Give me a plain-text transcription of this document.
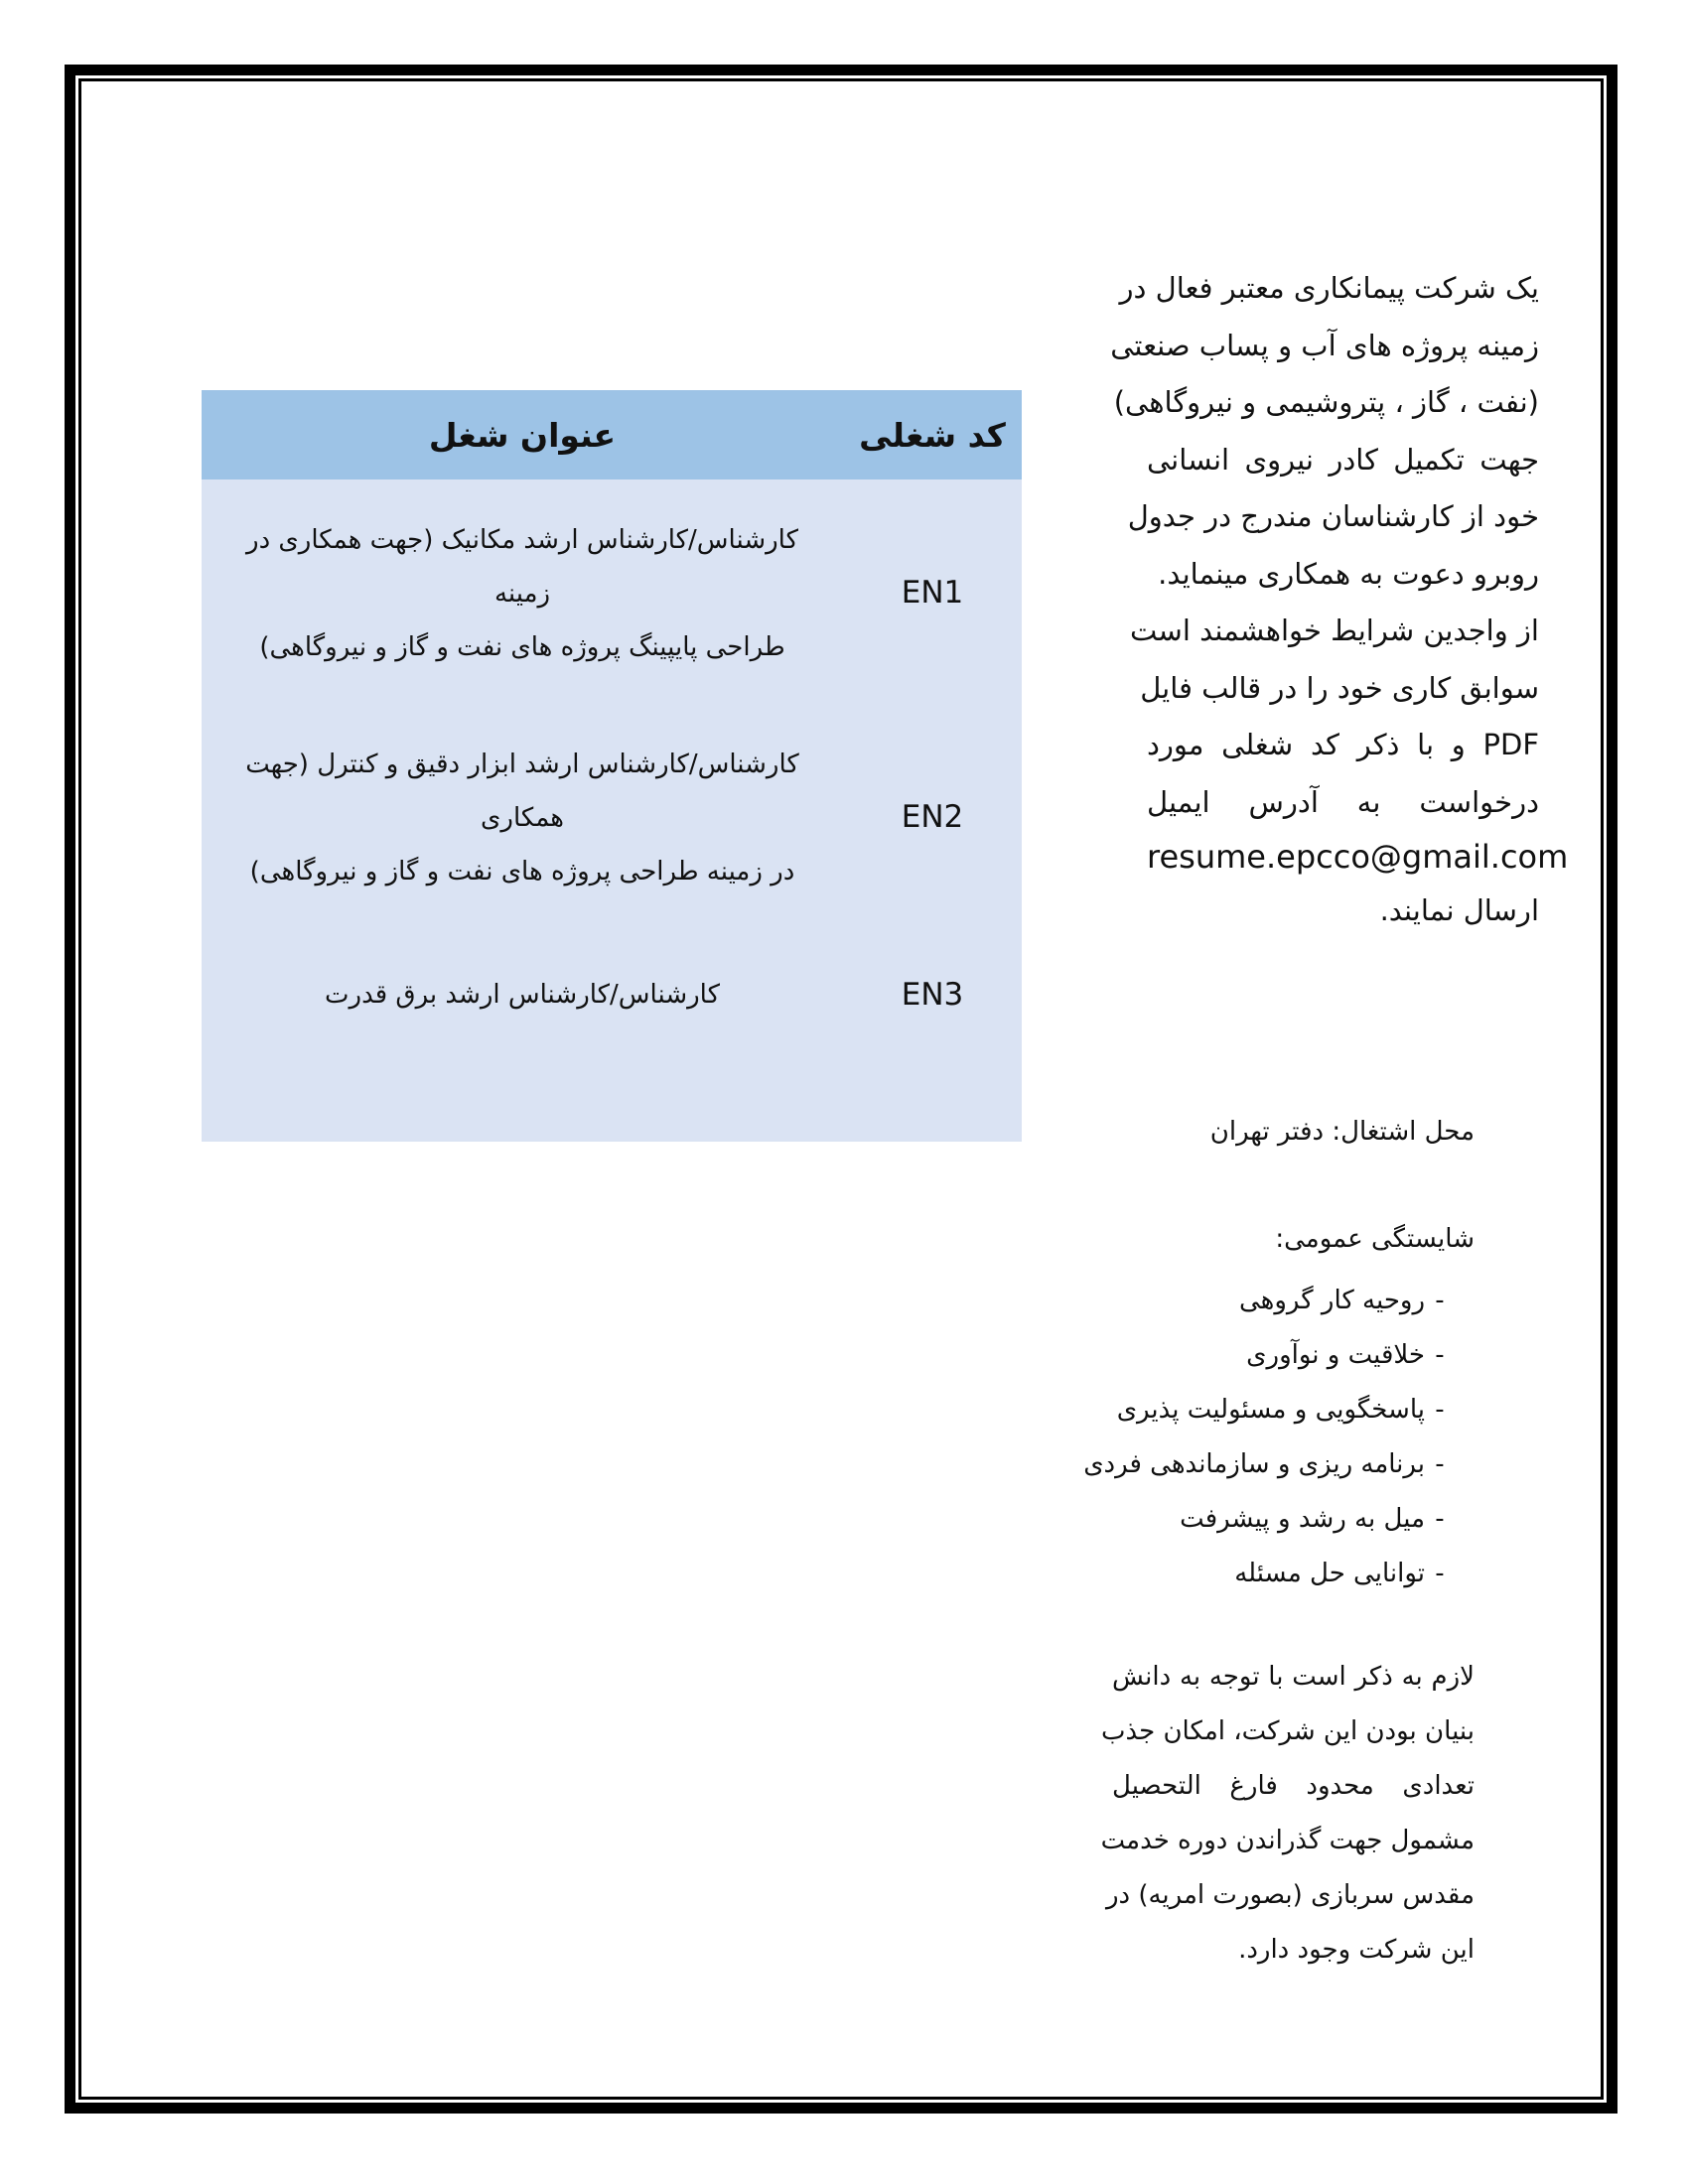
یک شرکت پیمانکاری معتبر فعال در
زمینه پروژه های آب و پساب صنعتی
(نفت ، گاز ، پتروشیمی و نیروگاهی)
جهت تکمیل کادر نیروی انسانی
خود از کارشناسان مندرج در جدول
روبرو دعوت به همکاری مینماید.
از واجدین شرایط خواهشمند است
سوابق کاری خود را در قالب فایل
PDF و با ذکر کد شغلی مورد
درخواست به آدرس ایمیل
resume.epcco@gmail.com
ارسال نمایند.
کد شغلی	عنوان شغل
EN1	کارشناس/کارشناس ارشد مکانیک (جهت همکاری در زمینه
طراحی پایپینگ پروژه های نفت و گاز و نیروگاهی)

EN2	کارشناس/کارشناس ارشد ابزار دقیق و کنترل (جهت همکاری
در زمینه طراحی پروژه های نفت و گاز و نیروگاهی)

EN3	کارشناس/کارشناس ارشد برق قدرت
محل اشتغال: دفتر تهران
شایستگی عمومی:
-روحیه کار گروهی
-خلاقیت و نوآوری
-پاسخگویی و مسئولیت پذیری
-برنامه ریزی و سازماندهی فردی
-میل به رشد و پیشرفت
-توانایی حل مسئله
لازم به ذکر است با توجه به دانش
بنیان بودن این شرکت، امکان جذب
تعدادی محدود فارغ التحصیل
مشمول جهت گذراندن دوره خدمت
مقدس سربازی (بصورت امریه) در
این شرکت وجود دارد.
